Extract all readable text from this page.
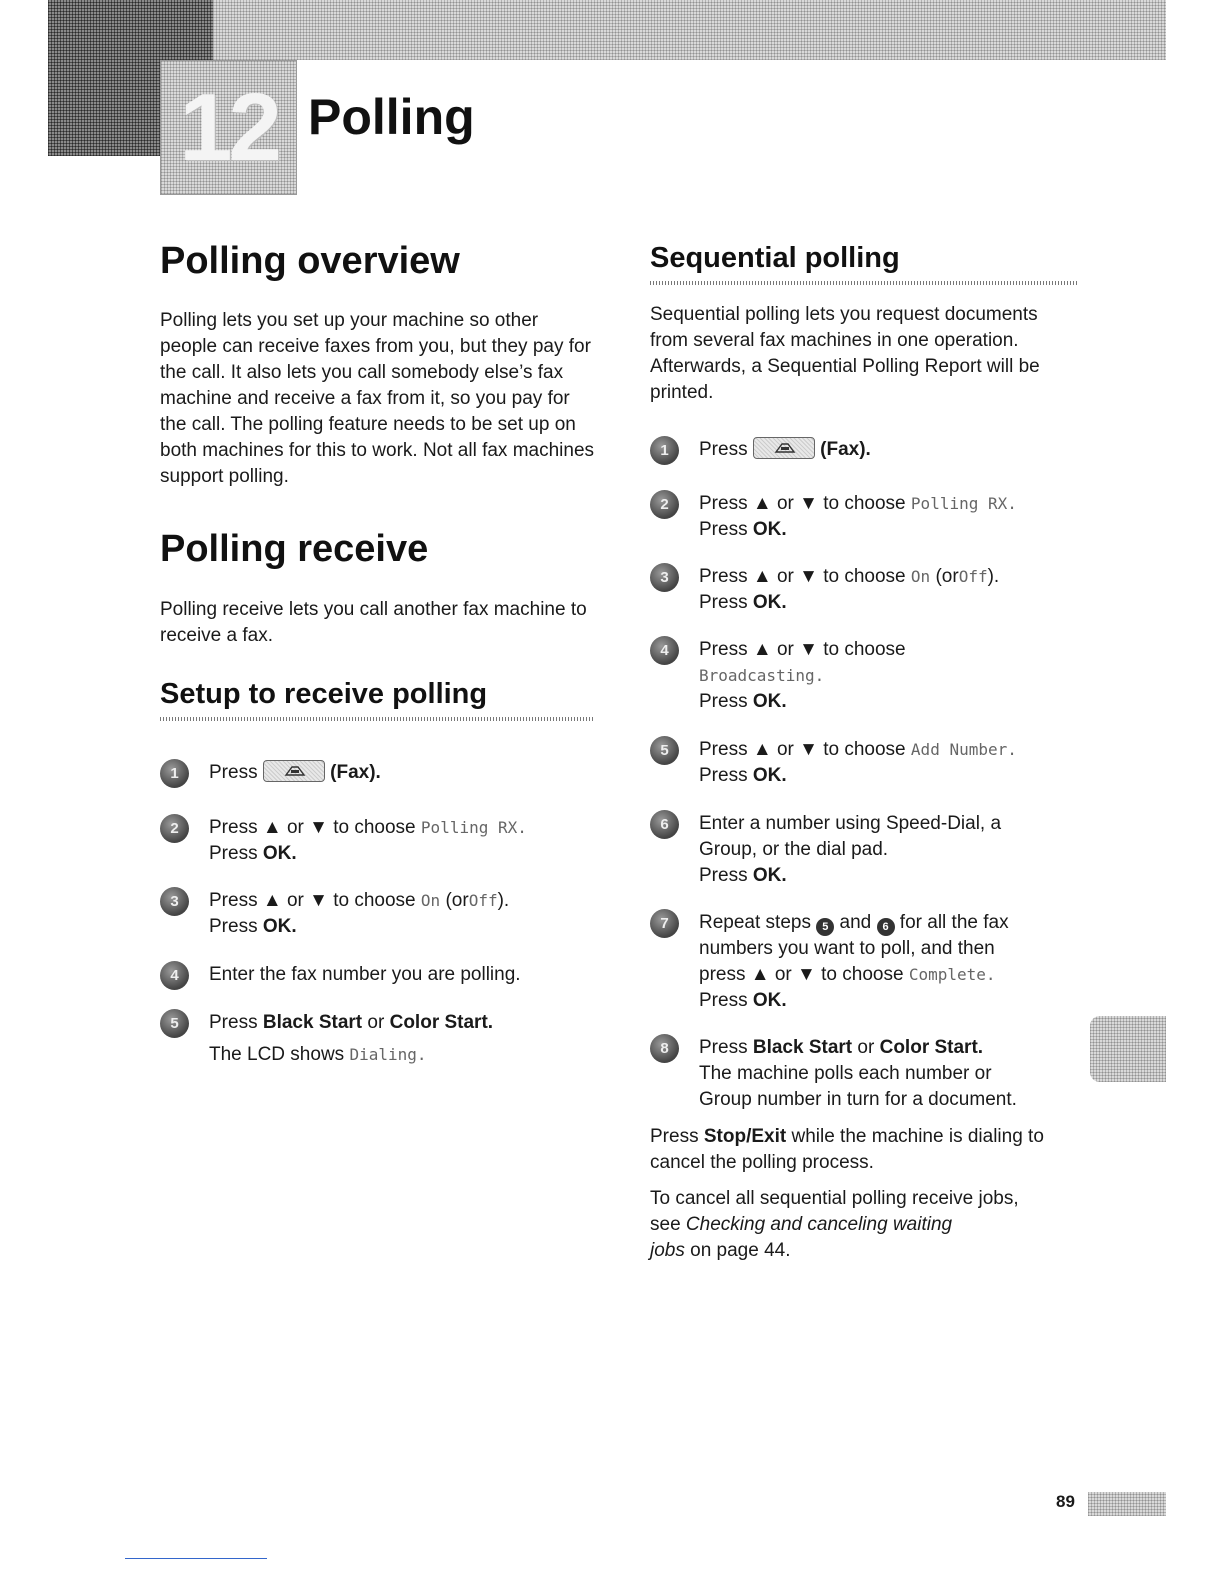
12 Polling
Polling overview

Polling lets you set up your machine so other people can receive faxes from you, but they pay for the call. It also lets you call somebody else’s fax machine and receive a fax from it, so you pay for the call. The polling feature needs to be set up on both machines for this to work. Not all fax machines support polling.

Polling receive

Polling receive lets you call another fax machine to receive a fax.

Setup to receive polling
1	Press	(Fax).
2	Press ▲ or ▼ to choose Polling RX.
Press OK.
3	Press ▲ or ▼ to choose On (orOff).
Press OK.
4	Enter the fax number you are polling.
5	Press Black Start or Color Start.
The LCD shows Dialing.
Sequential polling

Sequential polling lets you request documents from several fax machines in one operation. Afterwards, a Sequential Polling Report will be printed.

1	Press	(Fax).
2	Press ▲ or ▼ to choose Polling RX.
Press OK.
3	Press ▲ or ▼ to choose On (orOff).
Press OK.
4	Press ▲ or ▼ to choose
Broadcasting.
Press OK.
5	Press ▲ or ▼ to choose Add Number.
Press OK.
6	Enter a number using Speed-Dial, a
Group, or the dial pad.
Press OK.
7	Repeat steps 5 and 6 for all the fax
numbers you want to poll, and then
press ▲ or ▼ to choose Complete.
Press OK.
8	Press Black Start or Color Start.
The machine polls each number or
Group number in turn for a document.

Press Stop/Exit while the machine is dialing to cancel the polling process.

To cancel all sequential polling receive jobs,
see Checking and canceling waiting
jobs on page 44.

89
